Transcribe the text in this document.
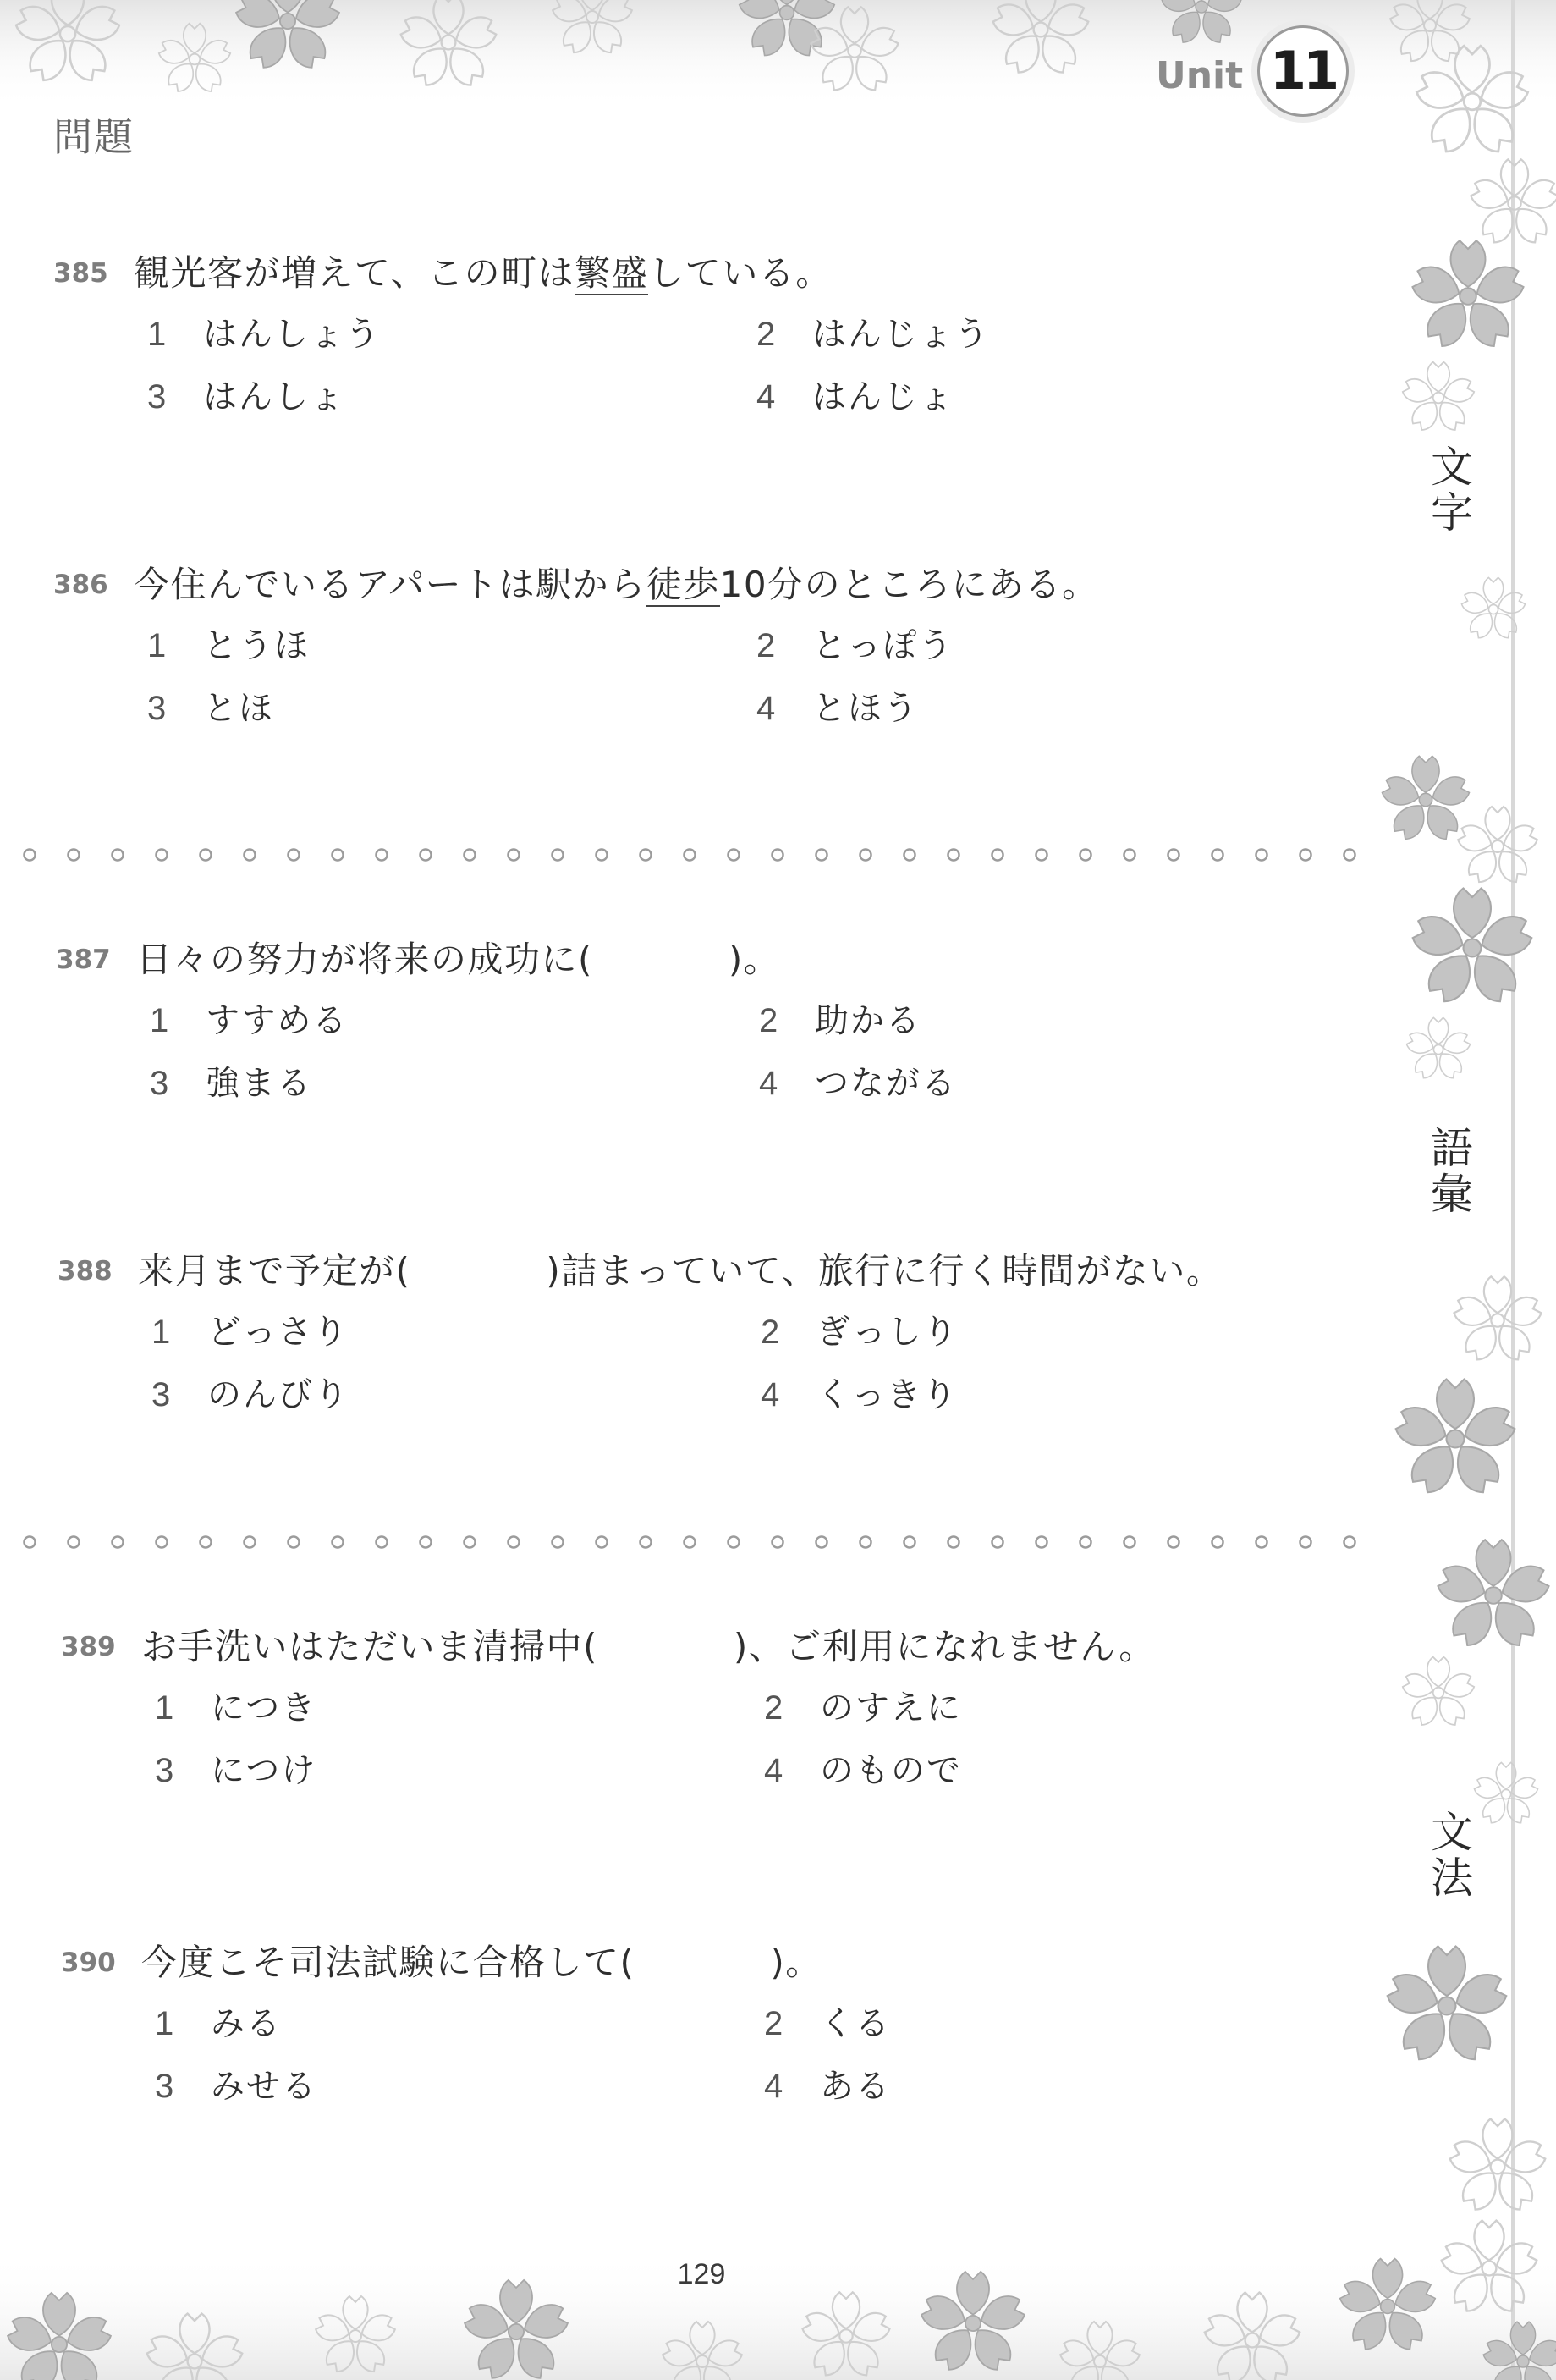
問題
Unit 11
文字
語彙
文法
385 観光客が増えて、この町は繁盛している。
1 はんしょう	2 はんじょう
3 はんしょ	4 はんじょ
386 今住んでいるアパートは駅から徒歩10分のところにある。
1 とうほ	2 とっぽう
3 とほ	4 とほう
387 日々の努力が将来の成功に(	)。
1 すすめる	2 助かる
3 強まる	4 つながる
388 来月まで予定が(	)詰まっていて、旅行に行く時間がない。
1 どっさり	2 ぎっしり
3 のんびり	4 くっきり
389 お手洗いはただいま清掃中(	)、ご利用になれません。
1 につき	2 のすえに
3 につけ	4 のもので
390 今度こそ司法試験に合格して(	)。
1 みる	2 くる
3 みせる	4 ある
129
